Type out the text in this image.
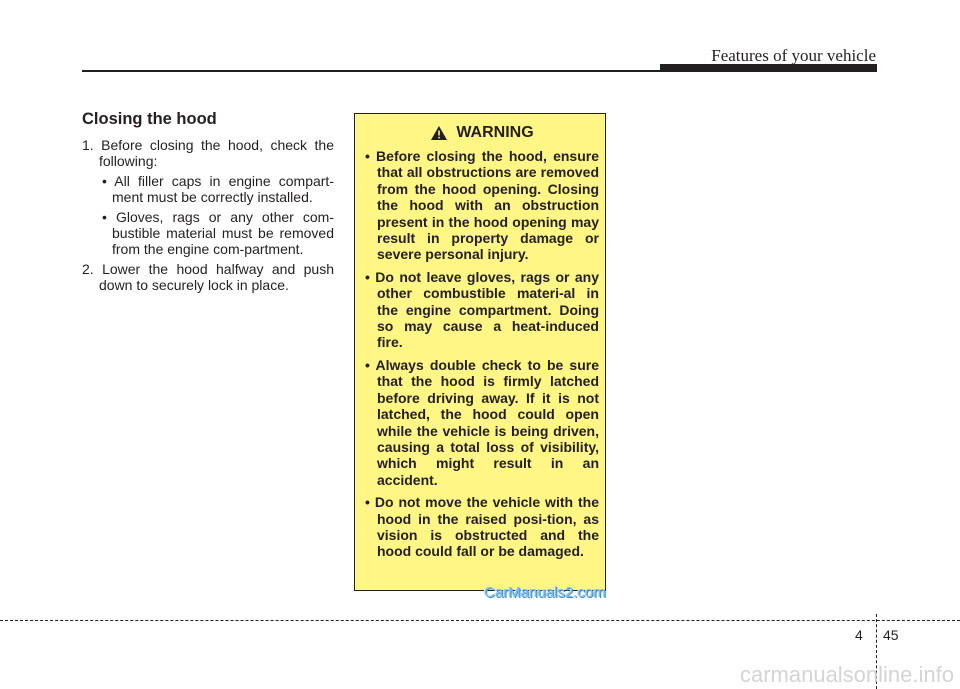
Features of your vehicle
Closing the hood

1. Before closing the hood, check the following:

• All filler caps in engine compart-ment must be correctly installed.

• Gloves, rags or any other com-bustible material must be removed from the engine com-partment.

2. Lower the hood halfway and push down to securely lock in place.

WARNING

• Before closing the hood, ensure that all obstructions are removed from the hood opening. Closing the hood with an obstruction present in the hood opening may result in property damage or severe personal injury.

• Do not leave gloves, rags or any other combustible materi-al in the engine compartment. Doing so may cause a heat-induced fire.

• Always double check to be sure that the hood is firmly latched before driving away. If it is not latched, the hood could open while the vehicle is being driven, causing a total loss of visibility, which might result in an accident.

• Do not move the vehicle with the hood in the raised posi-tion, as vision is obstructed and the hood could fall or be damaged.

CarManuals2.com
4 45
carmanualsonline.info
